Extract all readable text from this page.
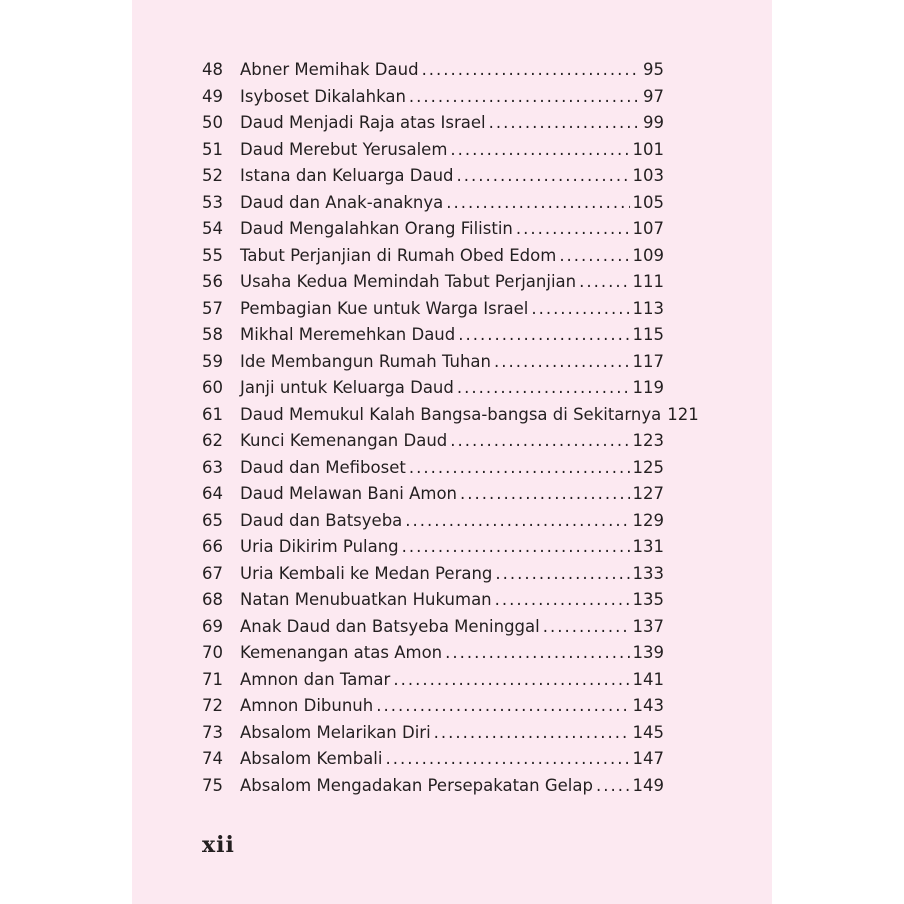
48	Abner Memihak Daud .....	95
49	Isyboset Dikalahkan .....	97
50	Daud Menjadi Raja atas Israel .....	99
51	Daud Merebut Yerusalem .....	101
52	Istana dan Keluarga Daud .....	103
53	Daud dan Anak-anaknya .....	105
54	Daud Mengalahkan Orang Filistin .....	107
55	Tabut Perjanjian di Rumah Obed Edom .....	109
56	Usaha Kedua Memindah Tabut Perjanjian .....	111
57	Pembagian Kue untuk Warga Israel .....	113
58	Mikhal Meremehkan Daud .....	115
59	Ide Membangun Rumah Tuhan .....	117
60	Janji untuk Keluarga Daud .....	119
61	Daud Memukul Kalah Bangsa-bangsa di Sekitarnya 121
62	Kunci Kemenangan Daud .....	123
63	Daud dan Mefiboset .....	125
64	Daud Melawan Bani Amon .....	127
65	Daud dan Batsyeba .....	129
66	Uria Dikirim Pulang .....	131
67	Uria Kembali ke Medan Perang .....	133
68	Natan Menubuatkan Hukuman .....	135
69	Anak Daud dan Batsyeba Meninggal .....	137
70	Kemenangan atas Amon .....	139
71	Amnon dan Tamar .....	141
72	Amnon Dibunuh .....	143
73	Absalom Melarikan Diri .....	145
74	Absalom Kembali .....	147
75	Absalom Mengadakan Persepakatan Gelap ..... 149
xii
